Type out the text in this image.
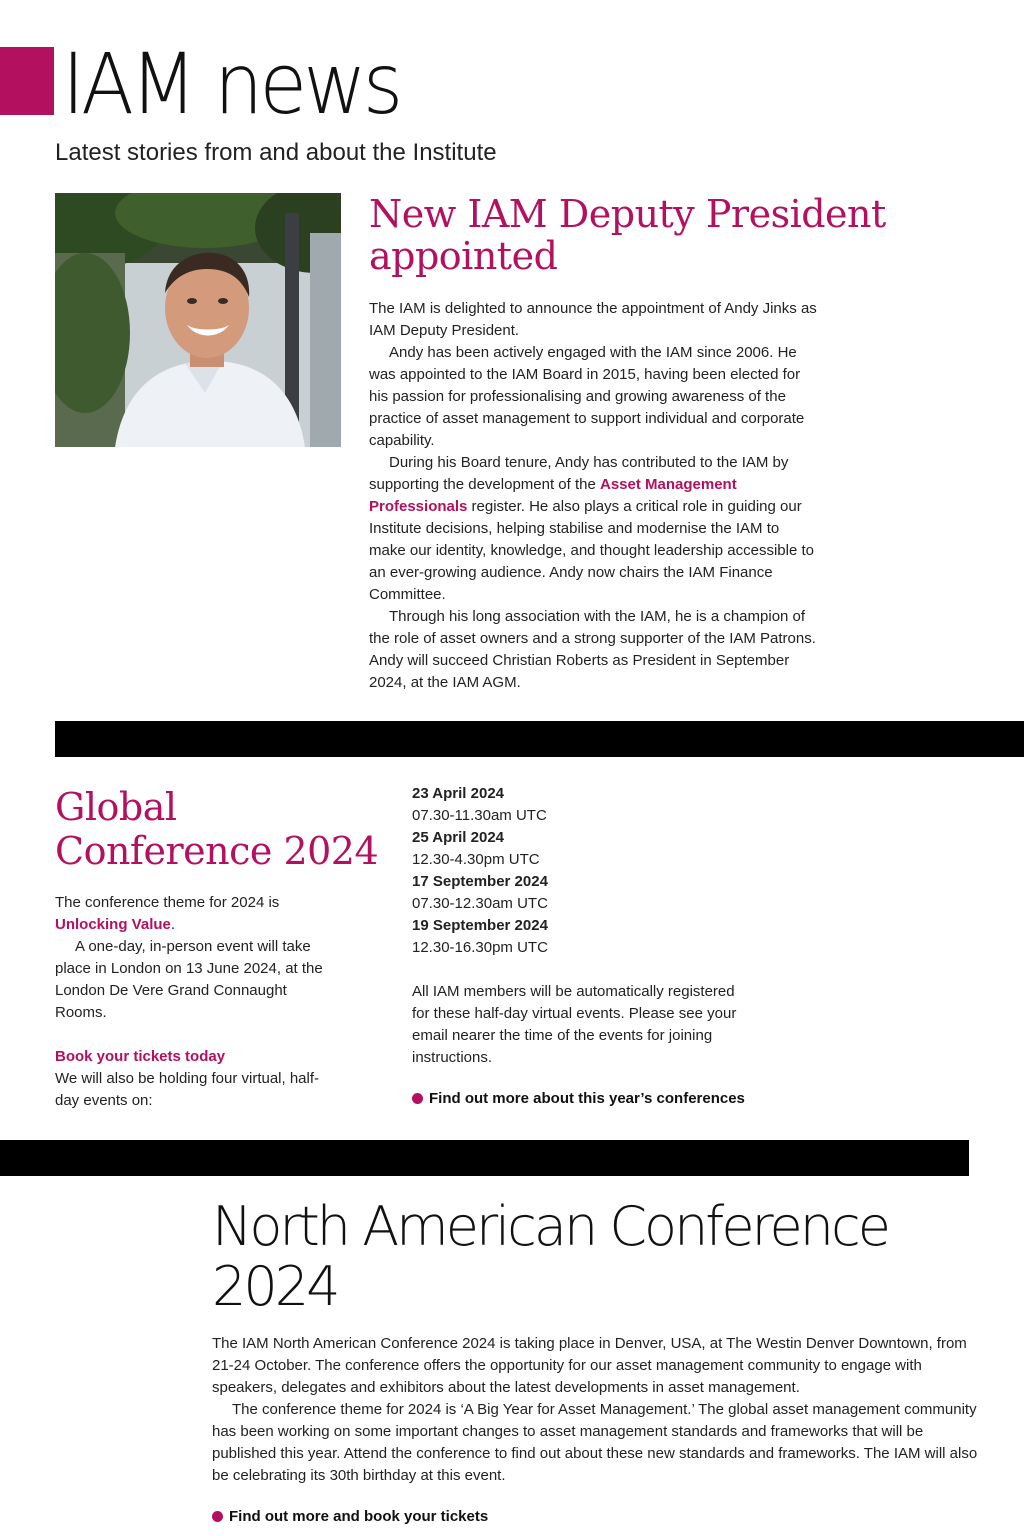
IAM news
Latest stories from and about the Institute
New IAM Deputy President appointed

The IAM is delighted to announce the appointment of Andy Jinks as IAM Deputy President.

Andy has been actively engaged with the IAM since 2006. He was appointed to the IAM Board in 2015, having been elected for his passion for professionalising and growing awareness of the practice of asset management to support individual and corporate capability.

During his Board tenure, Andy has contributed to the IAM by supporting the development of the Asset Management Professionals register. He also plays a critical role in guiding our Institute decisions, helping stabilise and modernise the IAM to make our identity, knowledge, and thought leadership accessible to an ever-growing audience. Andy now chairs the IAM Finance Committee.

Through his long association with the IAM, he is a champion of the role of asset owners and a strong supporter of the IAM Patrons. Andy will succeed Christian Roberts as President in September 2024, at the IAM AGM.

Global Conference 2024

The conference theme for 2024 is Unlocking Value.

A one-day, in-person event will take place in London on 13 June 2024, at the London De Vere Grand Connaught Rooms.

Book your tickets today

We will also be holding four virtual, half-day events on:

23 April 2024

07.30-11.30am UTC

25 April 2024

12.30-4.30pm UTC

17 September 2024

07.30-12.30am UTC

19 September 2024

12.30-16.30pm UTC

All IAM members will be automatically registered for these half-day virtual events. Please see your email nearer the time of the events for joining instructions.

Find out more about this year’s conferences
North American Conference 2024

The IAM North American Conference 2024 is taking place in Denver, USA, at The Westin Denver Downtown, from 21-24 October. The conference offers the opportunity for our asset management community to engage with speakers, delegates and exhibitors about the latest developments in asset management.

The conference theme for 2024 is ‘A Big Year for Asset Management.’ The global asset management community has been working on some important changes to asset management standards and frameworks that will be published this year. Attend the conference to find out about these new standards and frameworks. The IAM will also be celebrating its 30th birthday at this event.

Find out more and book your tickets
